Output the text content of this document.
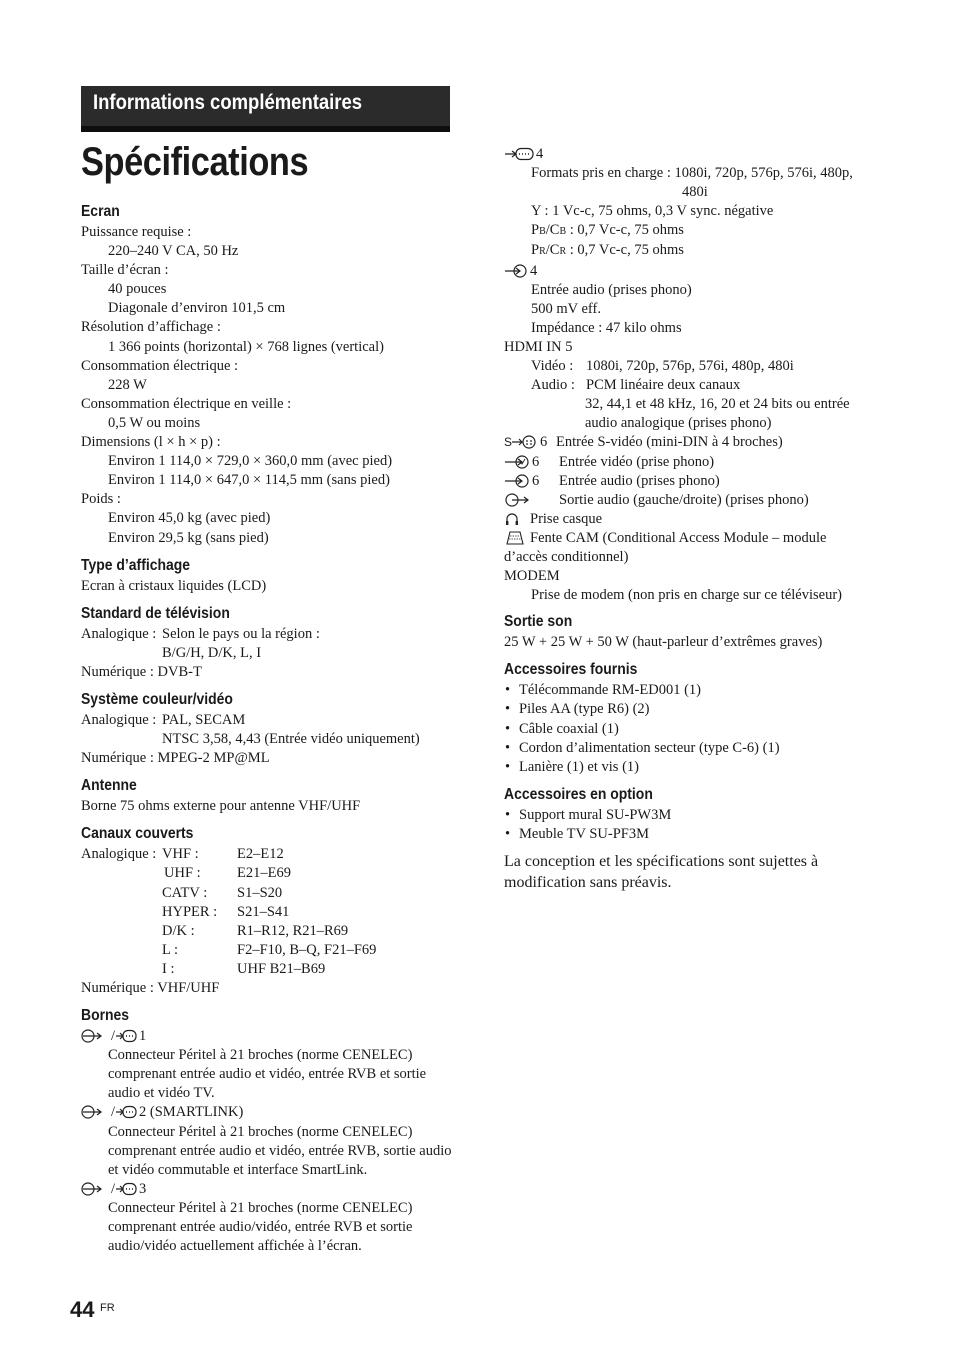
Informations complémentaires
Spécifications
Ecran
Puissance requise :
220–240 V CA, 50 Hz
Taille d’écran :
40 pouces
Diagonale d’environ 101,5 cm
Résolution d’affichage :
1 366 points (horizontal) × 768 lignes (vertical)
Consommation électrique :
228 W
Consommation électrique en veille :
0,5 W ou moins
Dimensions (l × h × p) :
Environ 1 114,0 × 729,0 × 360,0 mm (avec pied)
Environ 1 114,0 × 647,0 × 114,5 mm (sans pied)
Poids :
Environ 45,0 kg (avec pied)
Environ 29,5 kg (sans pied)
Type d’affichage
Ecran à cristaux liquides (LCD)
Standard de télévision
Analogique : Selon le pays ou la région :
B/G/H, D/K, L, I
Numérique : DVB-T
Système couleur/vidéo
Analogique : PAL, SECAM
NTSC 3,58, 4,43 (Entrée vidéo uniquement)
Numérique : MPEG-2 MP@ML
Antenne
Borne 75 ohms externe pour antenne VHF/UHF
Canaux couverts
Analogique : VHF :	E2–E12
UHF :	E21–E69
CATV : S1–S20
HYPER : S21–S41
D/K :	R1–R12, R21–R69
L :	F2–F10, B–Q, F21–F69
I :	UHF B21–B69
Numérique : VHF/UHF
Bornes
/ 1
Connecteur Péritel à 21 broches (norme CENELEC) comprenant entrée audio et vidéo, entrée RVB et sortie audio et vidéo TV.
/ 2 (SMARTLINK)
Connecteur Péritel à 21 broches (norme CENELEC) comprenant entrée audio et vidéo, entrée RVB, sortie audio et vidéo commutable et interface SmartLink.
/ 3
Connecteur Péritel à 21 broches (norme CENELEC) comprenant entrée audio/vidéo, entrée RVB et sortie audio/vidéo actuellement affichée à l’écran.
4
Formats pris en charge : 1080i, 720p, 576p, 576i, 480p,
480i
Y : 1 Vc-c, 75 ohms, 0,3 V sync. négative
PB/CB : 0,7 Vc-c, 75 ohms
PR/CR : 0,7 Vc-c, 75 ohms
4
Entrée audio (prises phono)
500 mV eff.
Impédance : 47 kilo ohms
HDMI IN 5
Vidéo : 1080i, 720p, 576p, 576i, 480p, 480i
Audio : PCM linéaire deux canaux
32, 44,1 et 48 kHz, 16, 20 et 24 bits ou entrée
audio analogique (prises phono)
S 6 Entrée S-vidéo (mini-DIN à 4 broches)
6 Entrée vidéo (prise phono)
6 Entrée audio (prises phono)
Sortie audio (gauche/droite) (prises phono)
Prise casque
Fente CAM (Conditional Access Module – module
d’accès conditionnel)
MODEM
Prise de modem (non pris en charge sur ce téléviseur)
Sortie son
25 W + 25 W + 50 W (haut-parleur d’extrêmes graves)
Accessoires fournis
• Télécommande RM-ED001 (1)
• Piles AA (type R6) (2)
• Câble coaxial (1)
• Cordon d’alimentation secteur (type C-6) (1)
• Lanière (1) et vis (1)
Accessoires en option
• Support mural SU-PW3M
• Meuble TV SU-PF3M
La conception et les spécifications sont sujettes à modification sans préavis.
44 FR
